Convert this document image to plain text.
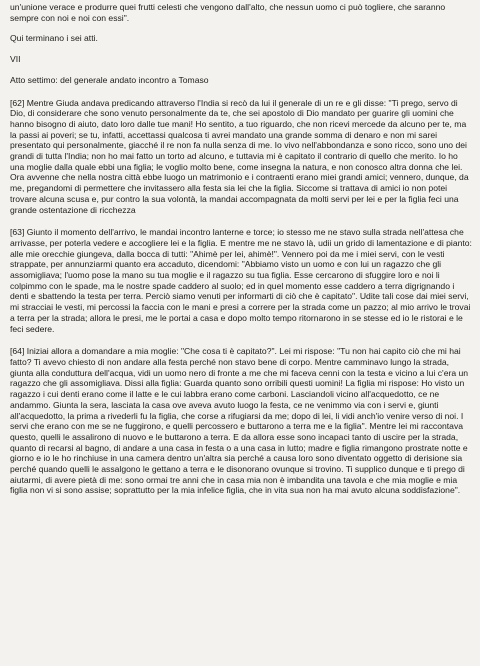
un'unione verace e produrre quei frutti celesti che vengono dall'alto, che nessun uomo ci può togliere, che saranno sempre con noi e noi con essi".

Qui terminano i sei atti.

VII

Atto settimo: del generale andato incontro a Tomaso

[62] Mentre Giuda andava predicando attraverso l'India si recò da lui il generale di un re e gli disse: "Ti prego, servo di Dio, di considerare che sono venuto personalmente da te, che sei apostolo di Dio mandato per guarire gli uomini che hanno bisogno di aiuto, dato loro dalle tue mani! Ho sentito, a tuo riguardo, che non ricevi mercede da alcuno per te, ma la passi ai poveri; se tu, infatti, accettassi qualcosa ti avrei mandato una grande somma di denaro e non mi sarei presentato qui personalmente, giacché il re non fa nulla senza di me. Io vivo nell'abbondanza e sono ricco, sono uno dei grandi di tutta l'India; non ho mai fatto un torto ad alcuno, e tuttavia mi è capitato il contrario di quello che merito. Io ho una moglie dalla quale ebbi una figlia; le voglio molto bene, come insegna la natura, e non conosco altra donna che lei. Ora avvenne che nella nostra città ebbe luogo un matrimonio e i contraenti erano miei grandi amici; vennero, dunque, da me, pregandomi di permettere che invitassero alla festa sia lei che la figlia. Siccome si trattava di amici io non potei trovare alcuna scusa e, pur contro la sua volontà, la mandai accompagnata da molti servi per lei e per la figlia feci una grande ostentazione di ricchezza

[63] Giunto il momento dell'arrivo, le mandai incontro lanterne e torce; io stesso me ne stavo sulla strada nell'attesa che arrivasse, per poterla vedere e accogliere lei e la figlia. E mentre me ne stavo là, udii un grido di lamentazione e di pianto: alle mie orecchie giungeva, dalla bocca di tutti: "Ahimè per lei, ahimè!". Vennero poi da me i miei servi, con le vesti strappate, per annunziarmi quanto era accaduto, dicendomi: "Abbiamo visto un uomo e con lui un ragazzo che gli assomigliava; l'uomo pose la mano su tua moglie e il ragazzo su tua figlia. Esse cercarono di sfuggire loro e noi li colpimmo con le spade, ma le nostre spade caddero al suolo; ed in quel momento esse caddero a terra digrignando i denti e sbattendo la testa per terra. Perciò siamo venuti per informarti di ciò che è capitato". Udite tali cose dai miei servi, mi stracciai le vesti, mi percossi la faccia con le mani e presi a correre per la strada come un pazzo; al mio arrivo le trovai a terra per la strada; allora le presi, me le portai a casa e dopo molto tempo ritornarono in se stesse ed io le ristorai e le feci sedere.

[64] Iniziai allora a domandare a mia moglie: "Che cosa ti è capitato?". Lei mi rispose: "Tu non hai capito ciò che mi hai fatto? Ti avevo chiesto di non andare alla festa perché non stavo bene di corpo. Mentre camminavo lungo la strada, giunta alla conduttura dell'acqua, vidi un uomo nero di fronte a me che mi faceva cenni con la testa e vicino a lui c'era un ragazzo che gli assomigliava. Dissi alla figlia: Guarda quanto sono orribili questi uomini! La figlia mi rispose: Ho visto un ragazzo i cui denti erano come il latte e le cui labbra erano come carboni. Lasciandoli vicino all'acquedotto, ce ne andammo. Giunta la sera, lasciata la casa ove aveva avuto luogo la festa, ce ne venimmo via con i servi e, giunti all'acquedotto, la prima a rivederli fu la figlia, che corse a rifugiarsi da me; dopo di lei, li vidi anch'io venire verso di noi. I servi che erano con me se ne fuggirono, e quelli percossero e buttarono a terra me e la figlia". Mentre lei mi raccontava questo, quelli le assalirono di nuovo e le buttarono a terra. E da allora esse sono incapaci tanto di uscire per la strada, quanto di recarsi al bagno, di andare a una casa in festa o a una casa in lutto; madre e figlia rimangono prostrate notte e giorno e io le ho rinchiuse in una camera dentro un'altra sia perché a causa loro sono diventato oggetto di derisione sia perché quando quelli le assalgono le gettano a terra e le disonorano ovunque si trovino. Ti supplico dunque e ti prego di aiutarmi, di avere pietà di me: sono ormai tre anni che in casa mia non è imbandita una tavola e che mia moglie e mia figlia non vi si sono assise; soprattutto per la mia infelice figlia, che in vita sua non ha mai avuto alcuna soddisfazione".
